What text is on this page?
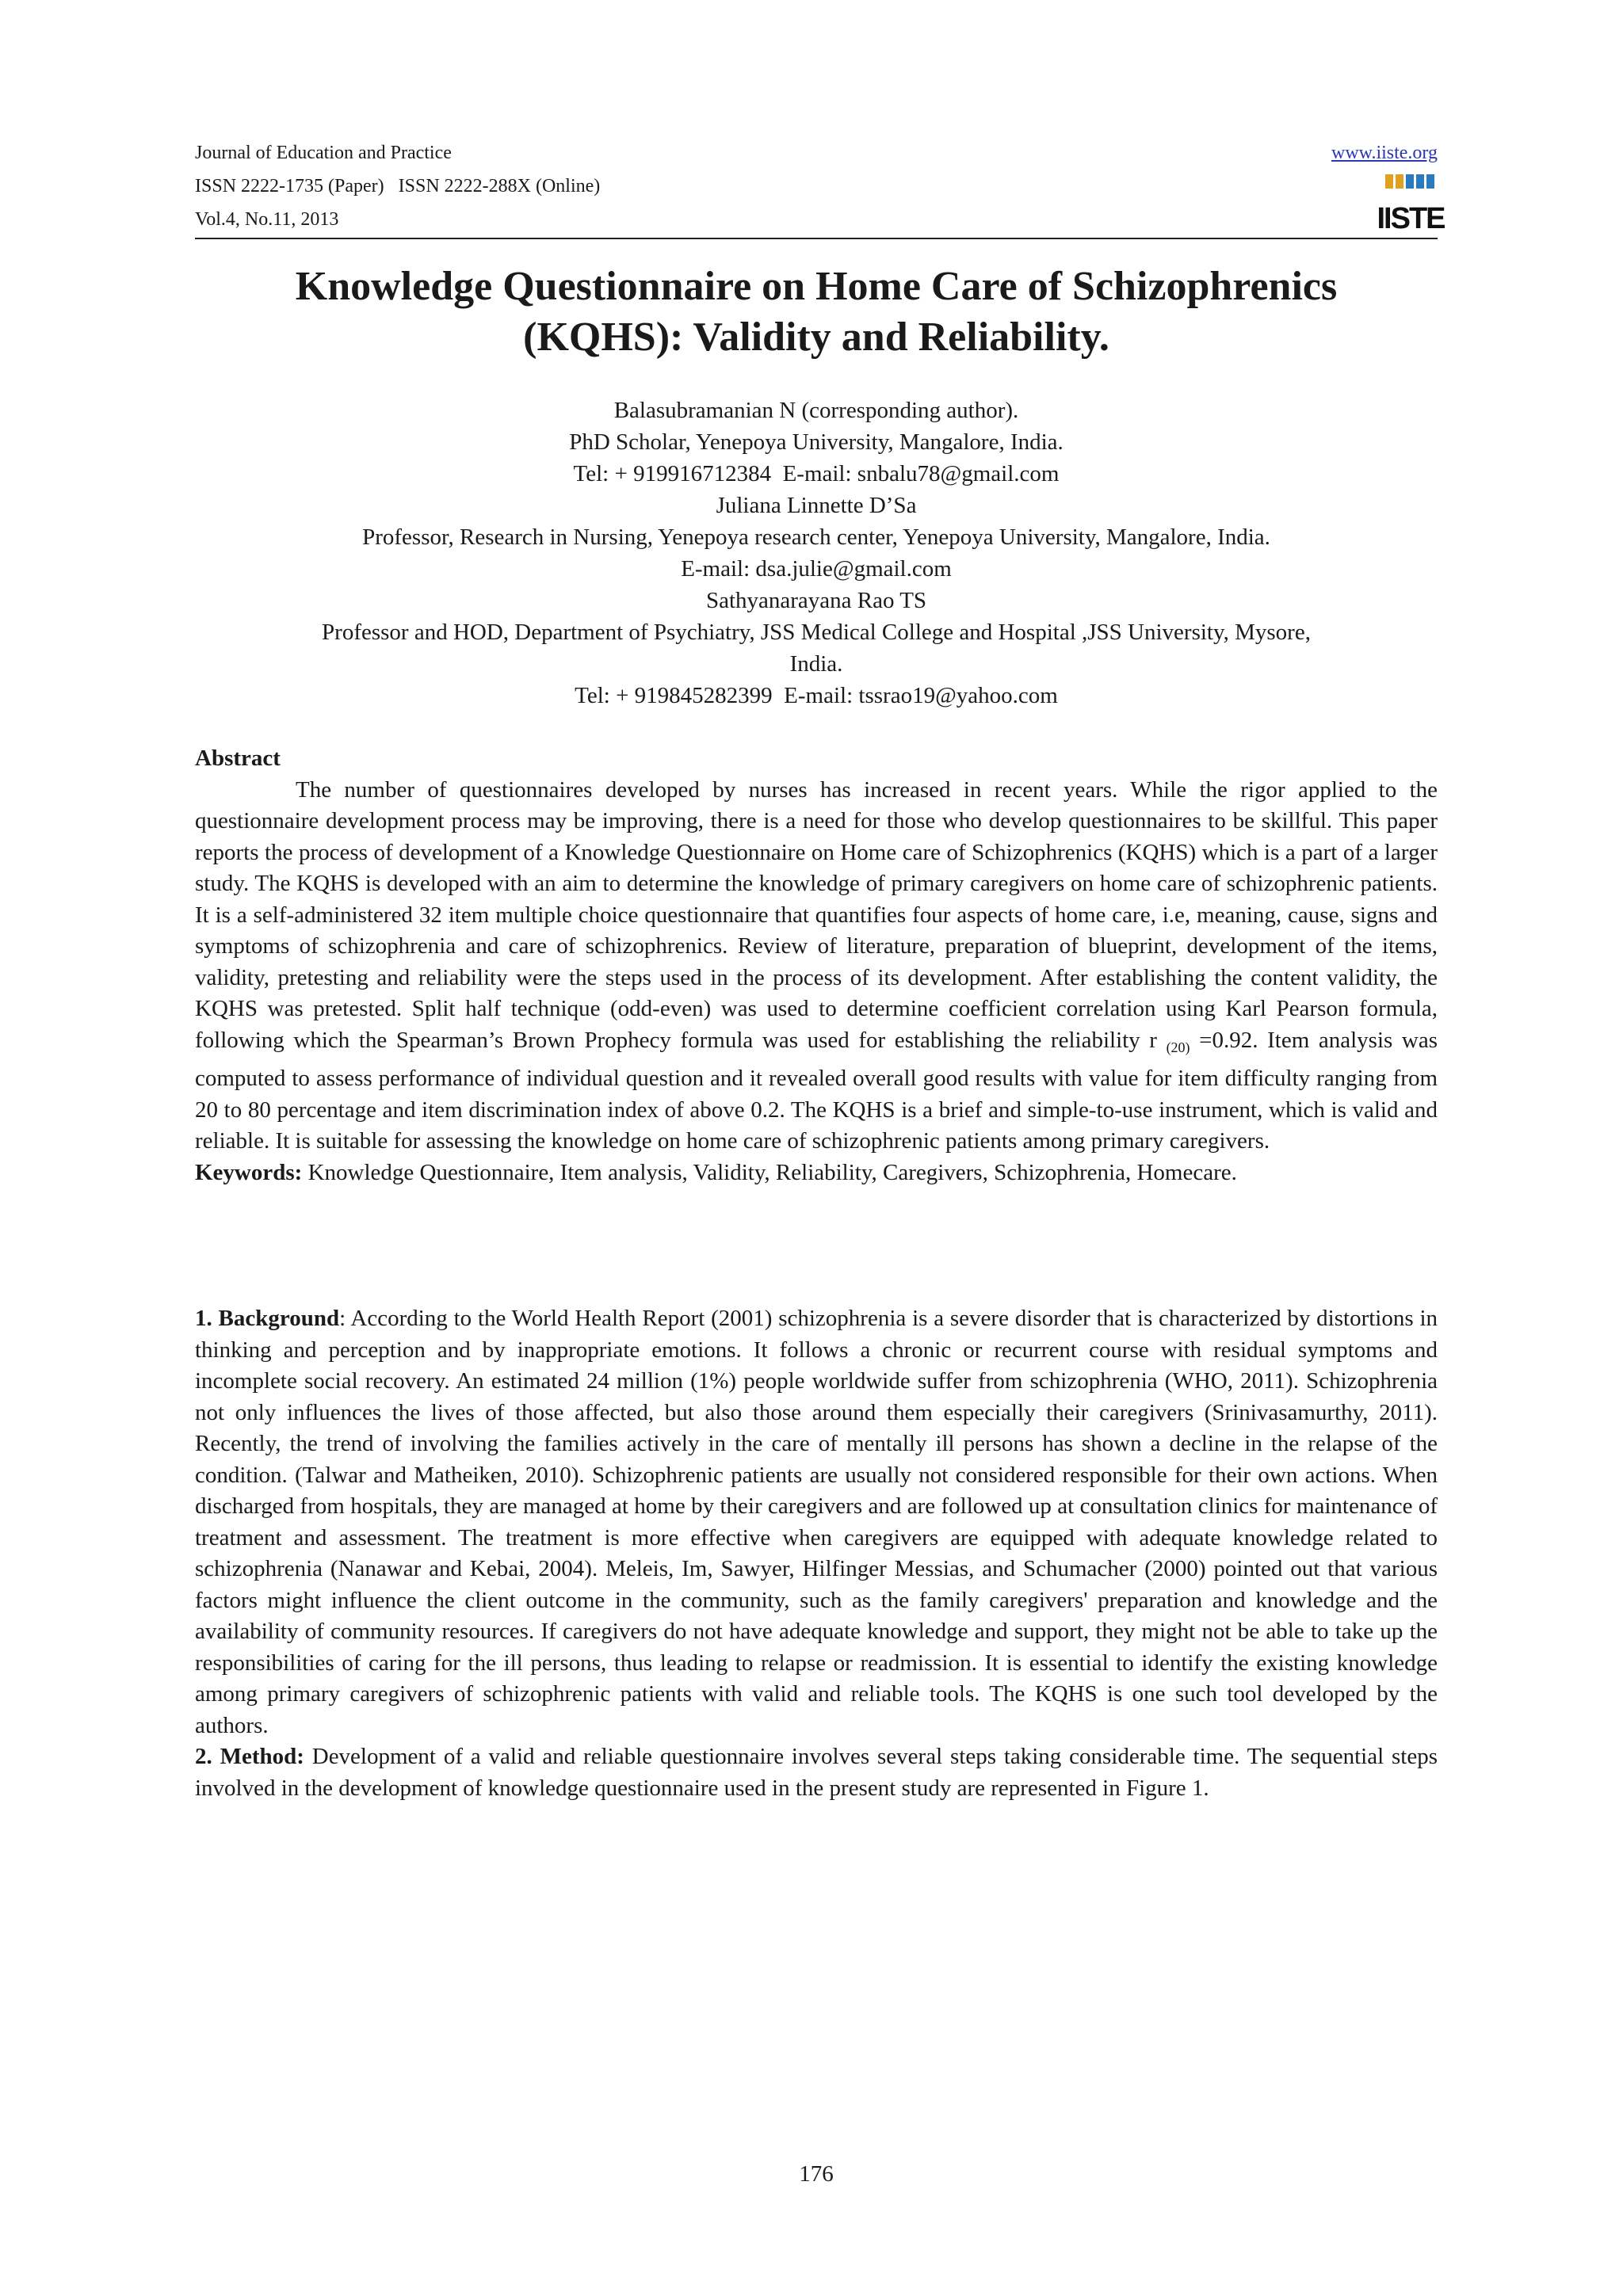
Journal of Education and Practice
ISSN 2222-1735 (Paper)   ISSN 2222-288X (Online)
Vol.4, No.11, 2013
www.iiste.org
IISTE
Knowledge Questionnaire on Home Care of Schizophrenics
(KQHS): Validity and Reliability.
Balasubramanian N (corresponding author).
PhD Scholar, Yenepoya University, Mangalore, India.
Tel: + 919916712384  E-mail: snbalu78@gmail.com
Juliana Linnette D’Sa
Professor, Research in Nursing, Yenepoya research center, Yenepoya University, Mangalore, India.
E-mail: dsa.julie@gmail.com
Sathyanarayana Rao TS
Professor and HOD, Department of Psychiatry, JSS Medical College and Hospital ,JSS University, Mysore,
India.
Tel: + 919845282399  E-mail: tssrao19@yahoo.com
Abstract

The number of questionnaires developed by nurses has increased in recent years. While the rigor applied to the questionnaire development process may be improving, there is a need for those who develop questionnaires to be skillful. This paper reports the process of development of a Knowledge Questionnaire on Home care of Schizophrenics (KQHS) which is a part of a larger study. The KQHS is developed with an aim to determine the knowledge of primary caregivers on home care of schizophrenic patients. It is a self-administered 32 item multiple choice questionnaire that quantifies four aspects of home care, i.e, meaning, cause, signs and symptoms of schizophrenia and care of schizophrenics. Review of literature, preparation of blueprint, development of the items, validity, pretesting and reliability were the steps used in the process of its development. After establishing the content validity, the KQHS was pretested. Split half technique (odd-even) was used to determine coefficient correlation using Karl Pearson formula, following which the Spearman’s Brown Prophecy formula was used for establishing the reliability r $_{(20)}$ =0.92. Item analysis was computed to assess performance of individual question and it revealed overall good results with value for item difficulty ranging from 20 to 80 percentage and item discrimination index of above 0.2. The KQHS is a brief and simple-to-use instrument, which is valid and reliable. It is suitable for assessing the knowledge on home care of schizophrenic patients among primary caregivers.

Keywords: Knowledge Questionnaire, Item analysis, Validity, Reliability, Caregivers, Schizophrenia, Homecare.

1. Background: According to the World Health Report (2001) schizophrenia is a severe disorder that is characterized by distortions in thinking and perception and by inappropriate emotions. It follows a chronic or recurrent course with residual symptoms and incomplete social recovery. An estimated 24 million (1%) people worldwide suffer from schizophrenia (WHO, 2011). Schizophrenia not only influences the lives of those affected, but also those around them especially their caregivers (Srinivasamurthy, 2011). Recently, the trend of involving the families actively in the care of mentally ill persons has shown a decline in the relapse of the condition. (Talwar and Matheiken, 2010). Schizophrenic patients are usually not considered responsible for their own actions. When discharged from hospitals, they are managed at home by their caregivers and are followed up at consultation clinics for maintenance of treatment and assessment. The treatment is more effective when caregivers are equipped with adequate knowledge related to schizophrenia (Nanawar and Kebai, 2004). Meleis, Im, Sawyer, Hilfinger Messias, and Schumacher (2000) pointed out that various factors might influence the client outcome in the community, such as the family caregivers' preparation and knowledge and the availability of community resources. If caregivers do not have adequate knowledge and support, they might not be able to take up the responsibilities of caring for the ill persons, thus leading to relapse or readmission. It is essential to identify the existing knowledge among primary caregivers of schizophrenic patients with valid and reliable tools. The KQHS is one such tool developed by the authors.

2. Method: Development of a valid and reliable questionnaire involves several steps taking considerable time. The sequential steps involved in the development of knowledge questionnaire used in the present study are represented in Figure 1.

176
